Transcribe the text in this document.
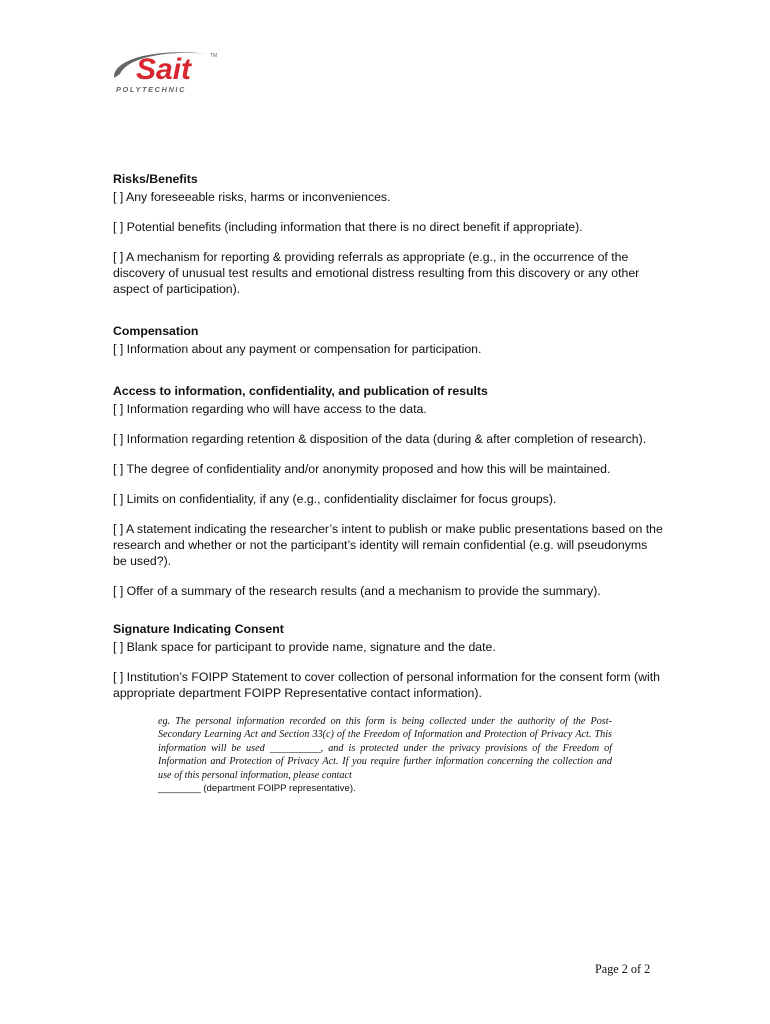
Sait	TM
POLYTECHNIC
Risks/Benefits
[ ] Any foreseeable risks, harms or inconveniences.
[ ] Potential benefits (including information that there is no direct benefit if appropriate).
[ ] A mechanism for reporting & providing referrals as appropriate (e.g., in the occurrence of the discovery of unusual test results and emotional distress resulting from this discovery or any other aspect of participation).
Compensation
[ ] Information about any payment or compensation for participation.
Access to information, confidentiality, and publication of results
[ ] Information regarding who will have access to the data.
[ ] Information regarding retention & disposition of the data (during & after completion of research).
[ ] The degree of confidentiality and/or anonymity proposed and how this will be maintained.
[ ] Limits on confidentiality, if any (e.g., confidentiality disclaimer for focus groups).
[ ] A statement indicating the researcher’s intent to publish or make public presentations based on the research and whether or not the participant’s identity will remain confidential (e.g. will pseudonyms be used?).
[ ] Offer of a summary of the research results (and a mechanism to provide the summary).
Signature Indicating Consent
[ ] Blank space for participant to provide name, signature and the date.
[ ] Institution’s FOIPP Statement to cover collection of personal information for the consent form (with appropriate department FOIPP Representative contact information).
eg. The personal information recorded on this form is being collected under the authority of the Post-Secondary Learning Act and Section 33(c) of the Freedom of Information and Protection of Privacy Act. This information will be used __________, and is protected under the privacy provisions of the Freedom of Information and Protection of Privacy Act. If you require further information concerning the collection and use of this personal information, please contact
________ (department FOIPP representative).
Page 2 of 2
